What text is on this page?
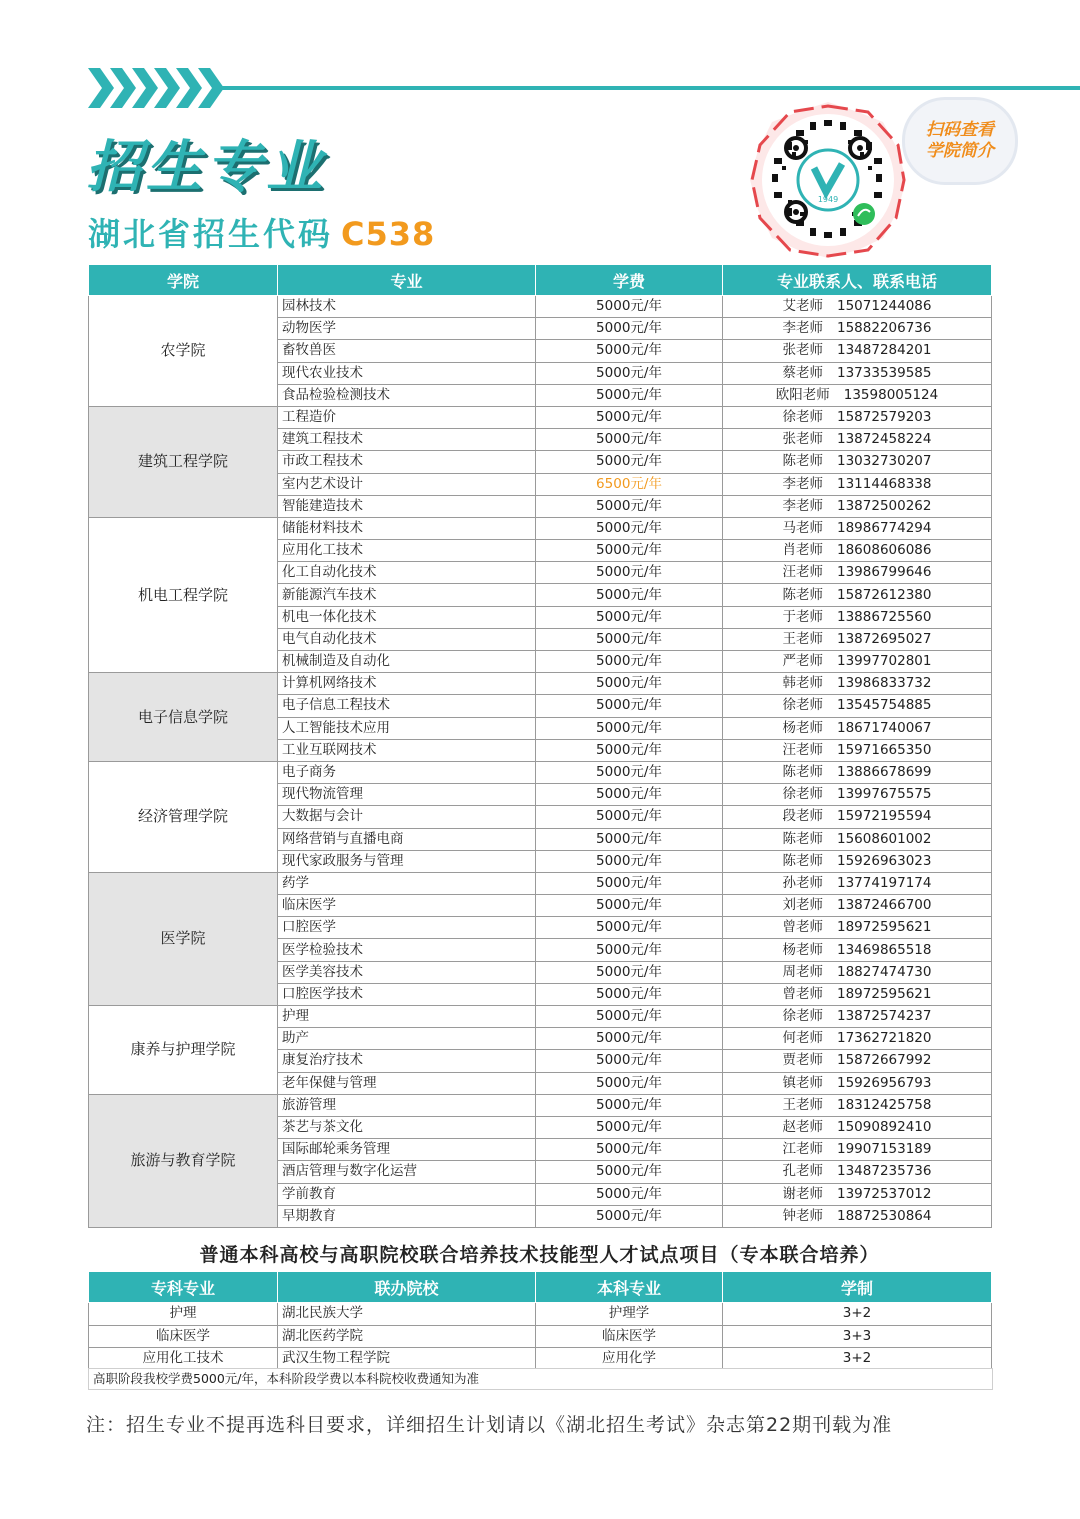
招生专业
湖北省招生代码 C538
1949
扫码查看
学院简介
学院	专业	学费	专业联系人、联系电话
农学院	园林技术	5000元/年	艾老师 15071244086
	动物医学	5000元/年	李老师 15882206736
	畜牧兽医	5000元/年	张老师 13487284201
	现代农业技术	5000元/年	蔡老师 13733539585
	食品检验检测技术	5000元/年	欧阳老师 13598005124
建筑工程学院	工程造价	5000元/年	徐老师 15872579203
	建筑工程技术	5000元/年	张老师 13872458224
	市政工程技术	5000元/年	陈老师 13032730207
	室内艺术设计	6500元/年	李老师 13114468338
	智能建造技术	5000元/年	李老师 13872500262
机电工程学院	储能材料技术	5000元/年	马老师 18986774294
	应用化工技术	5000元/年	肖老师 18608606086
	化工自动化技术	5000元/年	汪老师 13986799646
	新能源汽车技术	5000元/年	陈老师 15872612380
	机电一体化技术	5000元/年	于老师 13886725560
	电气自动化技术	5000元/年	王老师 13872695027
	机械制造及自动化	5000元/年	严老师 13997702801
电子信息学院	计算机网络技术	5000元/年	韩老师 13986833732
	电子信息工程技术	5000元/年	徐老师 13545754885
	人工智能技术应用	5000元/年	杨老师 18671740067
	工业互联网技术	5000元/年	汪老师 15971665350
经济管理学院	电子商务	5000元/年	陈老师 13886678699
	现代物流管理	5000元/年	徐老师 13997675575
	大数据与会计	5000元/年	段老师 15972195594
	网络营销与直播电商	5000元/年	陈老师 15608601002
	现代家政服务与管理	5000元/年	陈老师 15926963023
医学院	药学	5000元/年	孙老师 13774197174
	临床医学	5000元/年	刘老师 13872466700
	口腔医学	5000元/年	曾老师 18972595621
	医学检验技术	5000元/年	杨老师 13469865518
	医学美容技术	5000元/年	周老师 18827474730
	口腔医学技术	5000元/年	曾老师 18972595621
康养与护理学院	护理	5000元/年	徐老师 13872574237
	助产	5000元/年	何老师 17362721820
	康复治疗技术	5000元/年	贾老师 15872667992
	老年保健与管理	5000元/年	镇老师 15926956793
旅游与教育学院	旅游管理	5000元/年	王老师 18312425758
	茶艺与茶文化	5000元/年	赵老师 15090892410
	国际邮轮乘务管理	5000元/年	江老师 19907153189
	酒店管理与数字化运营	5000元/年	孔老师 13487235736
	学前教育	5000元/年	谢老师 13972537012
	早期教育	5000元/年	钟老师 18872530864
普通本科高校与高职院校联合培养技术技能型人才试点项目（专本联合培养）
专科专业	联办院校	本科专业	学制
护理	湖北民族大学	护理学	3+2
临床医学	湖北医药学院	临床医学	3+3
应用化工技术	武汉生物工程学院	应用化学	3+2
高职阶段我校学费5000元/年，本科阶段学费以本科院校收费通知为准

注：招生专业不提再选科目要求，详细招生计划请以《湖北招生考试》杂志第22期刊载为准
